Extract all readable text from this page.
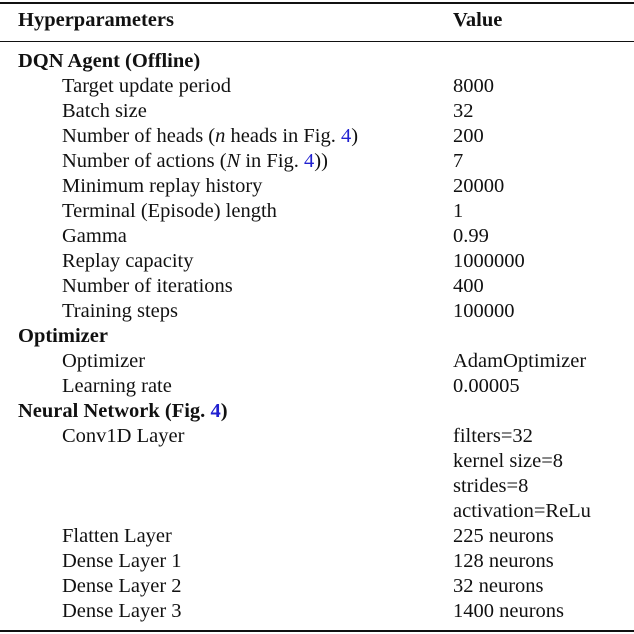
Hyperparameters	Value
DQN Agent (Offline)
Target update period	8000
Batch size	32
Number of heads (n heads in Fig. 4)	200
Number of actions (N in Fig. 4))	7
Minimum replay history	20000
Terminal (Episode) length	1
Gamma	0.99
Replay capacity	1000000
Number of iterations	400
Training steps	100000
Optimizer
Optimizer	AdamOptimizer
Learning rate	0.00005
Neural Network (Fig. 4)
Conv1D Layer	filters=32
kernel size=8
strides=8
activation=ReLu
Flatten Layer	225 neurons
Dense Layer 1	128 neurons
Dense Layer 2	32 neurons
Dense Layer 3	1400 neurons
